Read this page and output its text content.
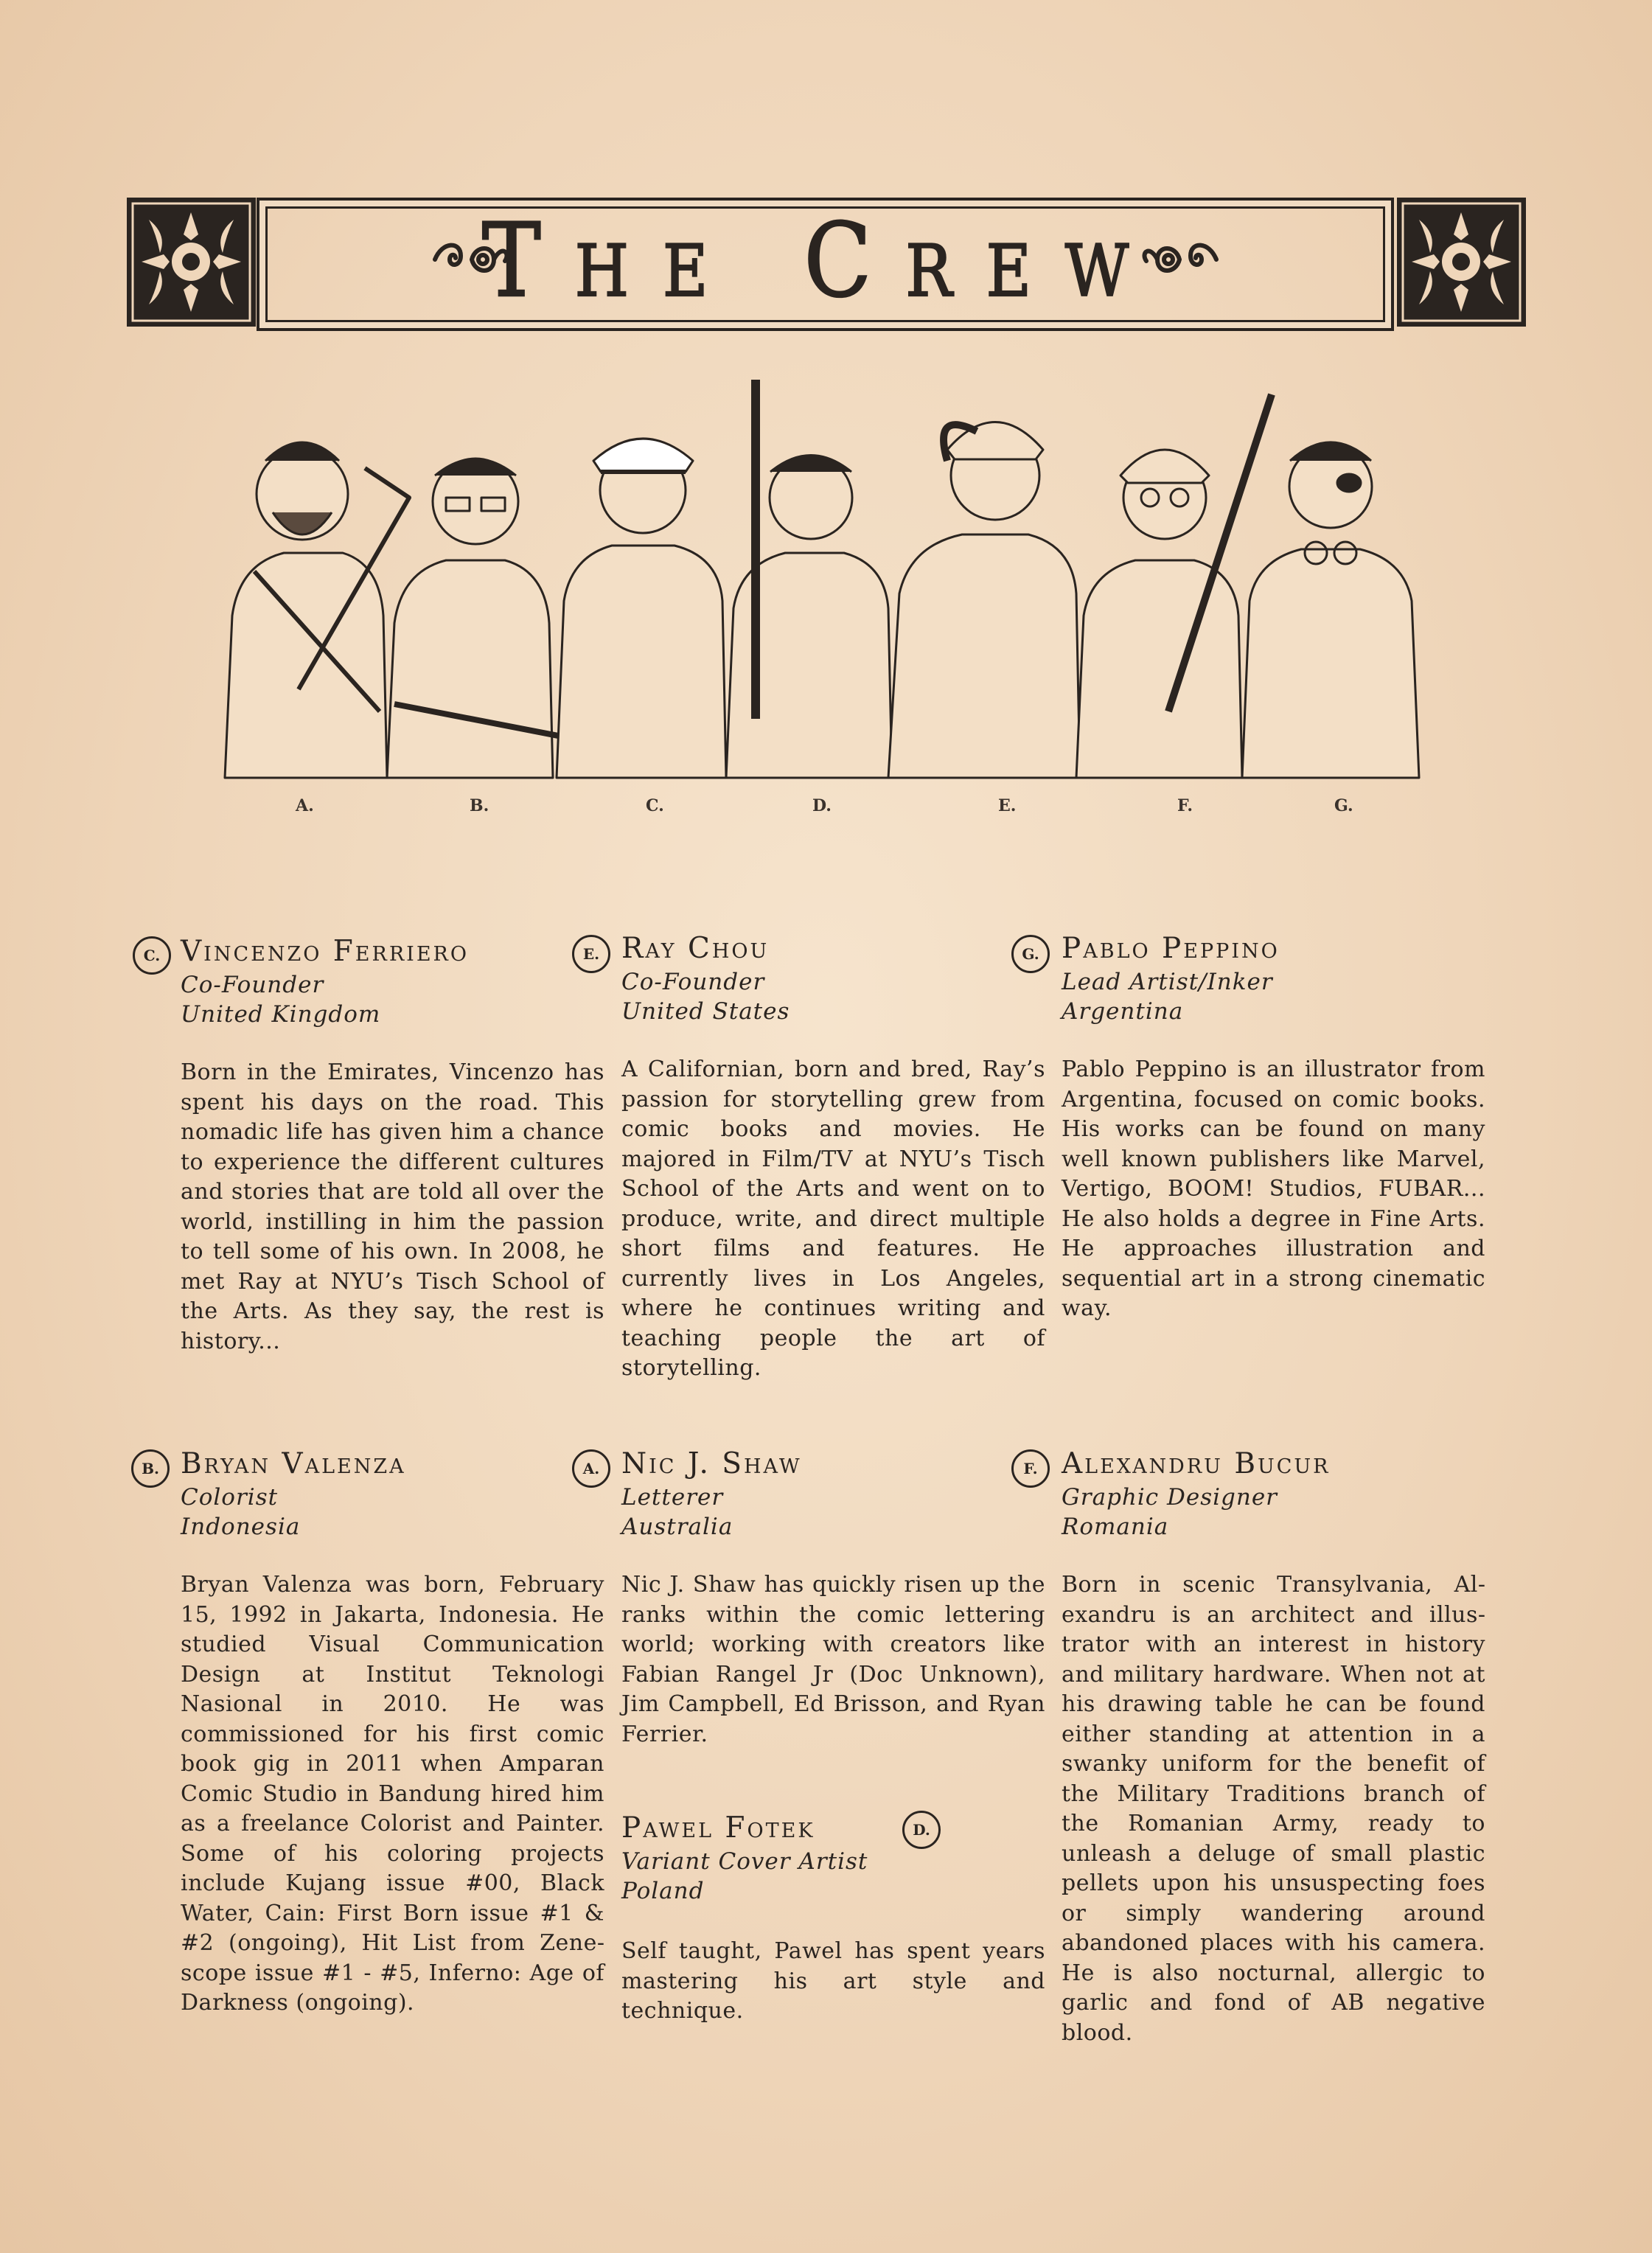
The Crew
A.	B.	C.	D.	E.	F.	G.
C. Vincenzo Ferriero
Co-Founder
United Kingdom
Born in the Emirates, Vincenzo has spent his days on the road. This nomadic life has given him a chance to experience the different cultures and stories that are told all over the world, instilling in him the passion to tell some of his own. In 2008, he met Ray at NYU’s Tisch School of the Arts. As they say, the rest is history...
E. Ray Chou
Co-Founder
United States
A Californian, born and bred, Ray’s passion for storytelling grew from comic books and movies. He majored in Film/TV at NYU’s Tisch School of the Arts and went on to produce, write, and direct multiple short films and features. He currently lives in Los Angeles, where he continues writing and teaching people the art of storytelling.
G. Pablo Peppino
Lead Artist/Inker
Argentina
Pablo Peppino is an illustrator from Argentina, focused on comic books. His works can be found on many well known publishers like Marvel, Vertigo, BOOM! Studios, FUBAR... He also holds a degree in Fine Arts. He approaches illustration and sequential art in a strong cinematic way.
B. Bryan Valenza
Colorist
Indonesia
Bryan Valenza was born, February 15, 1992 in Jakarta, Indonesia. He studied Visual Communication Design at Institut Teknologi Nasional in 2010. He was commissioned for his first comic book gig in 2011 when Amparan Comic Studio in Bandung hired him as a freelance Colorist and Painter. Some of his coloring projects include Kujang issue #00, Black Water, Cain: First Born issue #1 & #2 (ongoing), Hit List from Zenescope issue #1 - #5, Inferno: Age of Darkness (ongoing).
A. Nic J. Shaw
Letterer
Australia
Nic J. Shaw has quickly risen up the ranks within the comic lettering world; working with creators like Fabian Rangel Jr (Doc Unknown), Jim Campbell, Ed Brisson, and Ryan Ferrier.
F. Alexandru Bucur
Graphic Designer
Romania
Born in scenic Transylvania, Alexandru is an architect and illustrator with an interest in history and military hardware. When not at his drawing table he can be found either standing at attention in a swanky uniform for the benefit of the Military Traditions branch of the Romanian Army, ready to unleash a deluge of small plastic pellets upon his unsuspecting foes or simply wandering around abandoned places with his camera. He is also nocturnal, allergic to garlic and fond of AB negative blood.
Pawel Fotek	D.
Variant Cover Artist
Poland
Self taught, Pawel has spent years mastering his art style and technique.
